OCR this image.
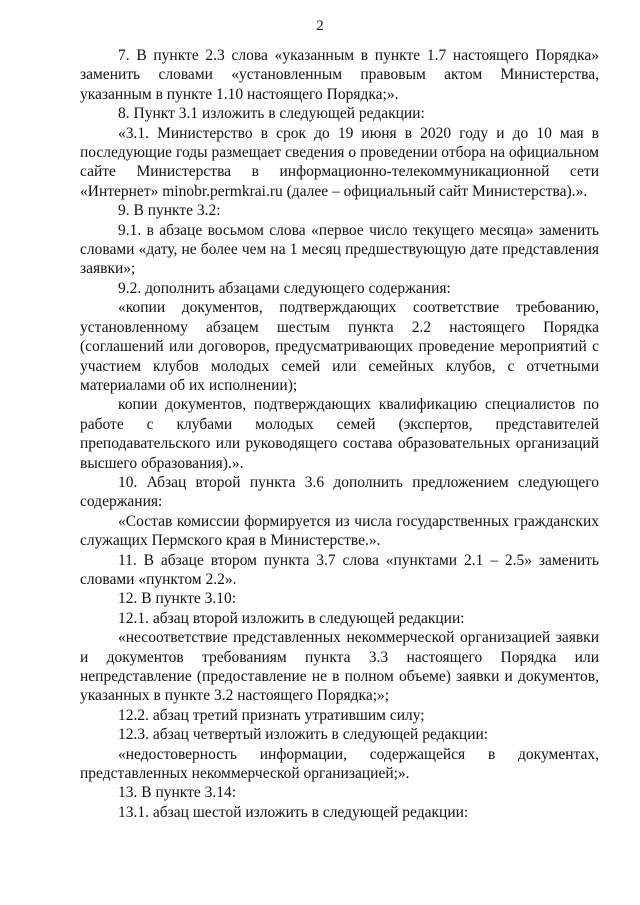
2

7. В пункте 2.3 слова «указанным в пункте 1.7 настоящего Порядка» заменить словами «установленным правовым актом Министерства, указанным в пункте 1.10 настоящего Порядка;».

8. Пункт 3.1 изложить в следующей редакции:

«3.1. Министерство в срок до 19 июня в 2020 году и до 10 мая в последующие годы размещает сведения о проведении отбора на официальном сайте Министерства в информационно-телекоммуникационной сети «Интернет» minobr.permkrai.ru (далее – официальный сайт Министерства).».

9. В пункте 3.2:

9.1. в абзаце восьмом слова «первое число текущего месяца» заменить словами «дату, не более чем на 1 месяц предшествующую дате представления заявки»;

9.2. дополнить абзацами следующего содержания:

«копии документов, подтверждающих соответствие требованию, установленному абзацем шестым пункта 2.2 настоящего Порядка (соглашений или договоров, предусматривающих проведение мероприятий с участием клубов молодых семей или семейных клубов, с отчетными материалами об их исполнении);

копии документов, подтверждающих квалификацию специалистов по работе с клубами молодых семей (экспертов, представителей преподавательского или руководящего состава образовательных организаций высшего образования).».

10. Абзац второй пункта 3.6 дополнить предложением следующего содержания:

«Состав комиссии формируется из числа государственных гражданских служащих Пермского края в Министерстве.».

11. В абзаце втором пункта 3.7 слова «пунктами 2.1 – 2.5» заменить словами «пунктом 2.2».

12. В пункте 3.10:

12.1. абзац второй изложить в следующей редакции:

«несоответствие представленных некоммерческой организацией заявки и документов требованиям пункта 3.3 настоящего Порядка или непредставление (предоставление не в полном объеме) заявки и документов, указанных в пункте 3.2 настоящего Порядка;»;

12.2. абзац третий признать утратившим силу;

12.3. абзац четвертый изложить в следующей редакции:

«недостоверность информации, содержащейся в документах, представленных некоммерческой организацией;».

13. В пункте 3.14:

13.1. абзац шестой изложить в следующей редакции:
